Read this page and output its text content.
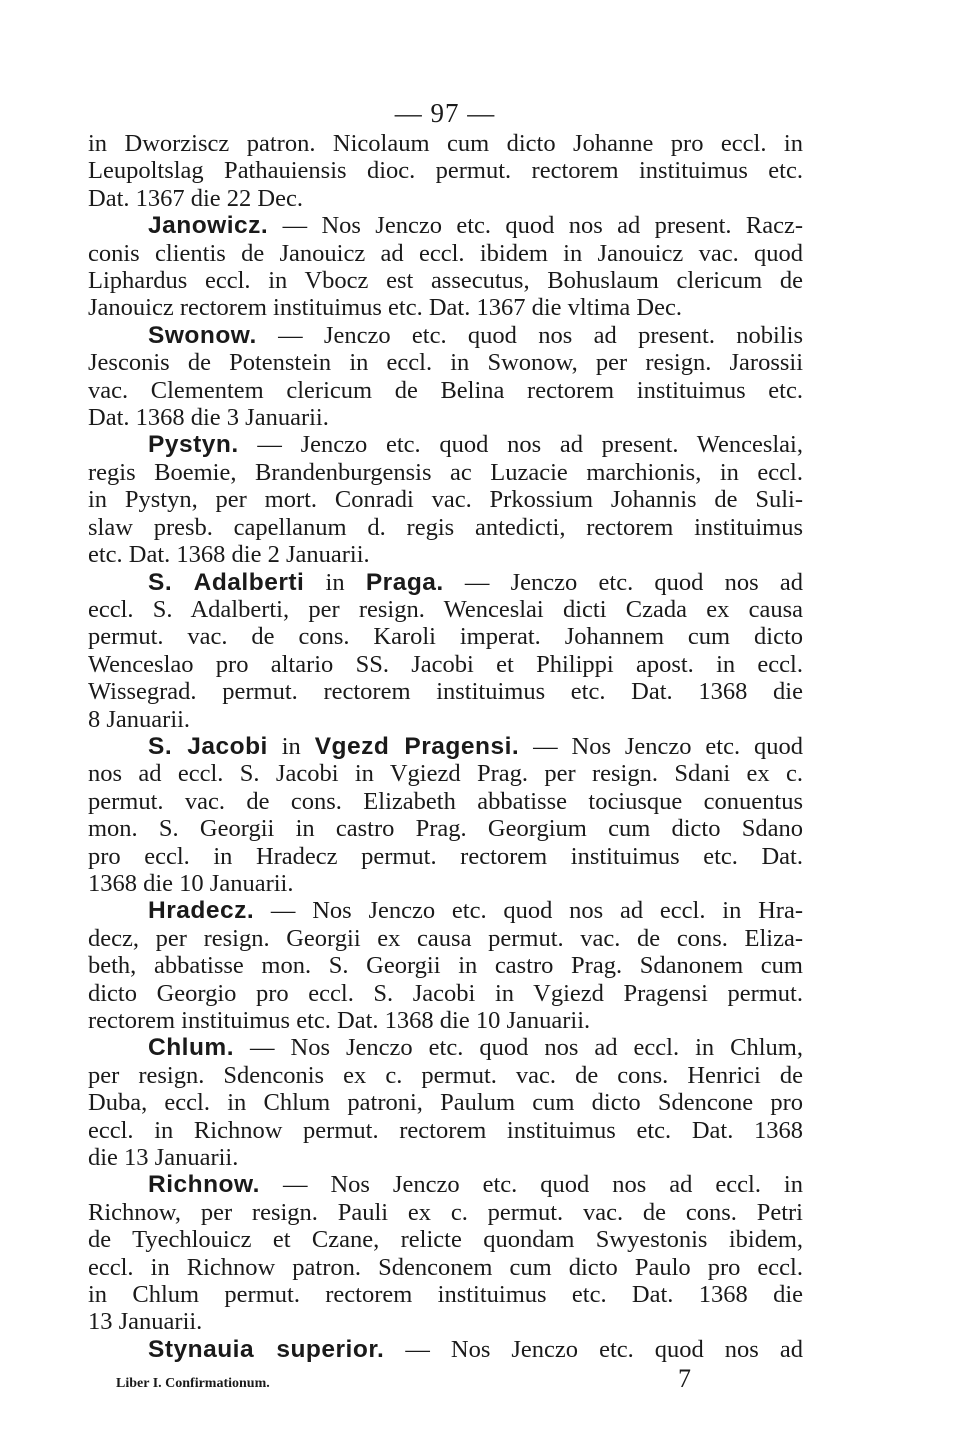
— 97 —
in Dworziscz patron. Nicolaum cum dicto Johanne pro eccl. in
Leupoltslag Pathauiensis dioc. permut. rectorem instituimus etc.
Dat. 1367 die 22 Dec.
Janowicz. — Nos Jenczo etc. quod nos ad present. Racz-
conis clientis de Janouicz ad eccl. ibidem in Janouicz vac. quod
Liphardus eccl. in Vbocz est assecutus, Bohuslaum clericum de
Janouicz rectorem instituimus etc. Dat. 1367 die vltima Dec.
Swonow. — Jenczo etc. quod nos ad present. nobilis
Jesconis de Potenstein in eccl. in Swonow, per resign. Jarossii
vac. Clementem clericum de Belina rectorem instituimus etc.
Dat. 1368 die 3 Januarii.
Pystyn. — Jenczo etc. quod nos ad present. Wenceslai,
regis Boemie, Brandenburgensis ac Luzacie marchionis, in eccl.
in Pystyn, per mort. Conradi vac. Prkossium Johannis de Suli-
slaw presb. capellanum d. regis antedicti, rectorem instituimus
etc. Dat. 1368 die 2 Januarii.
S. Adalberti in Praga. — Jenczo etc. quod nos ad
eccl. S. Adalberti, per resign. Wenceslai dicti Czada ex causa
permut. vac. de cons. Karoli imperat. Johannem cum dicto
Wenceslao pro altario SS. Jacobi et Philippi apost. in eccl.
Wissegrad. permut. rectorem instituimus etc. Dat. 1368 die
8 Januarii.
S. Jacobi in Vgezd Pragensi. — Nos Jenczo etc. quod
nos ad eccl. S. Jacobi in Vgiezd Prag. per resign. Sdani ex c.
permut. vac. de cons. Elizabeth abbatisse tociusque conuentus
mon. S. Georgii in castro Prag. Georgium cum dicto Sdano
pro eccl. in Hradecz permut. rectorem instituimus etc. Dat.
1368 die 10 Januarii.
Hradecz. — Nos Jenczo etc. quod nos ad eccl. in Hra-
decz, per resign. Georgii ex causa permut. vac. de cons. Eliza-
beth, abbatisse mon. S. Georgii in castro Prag. Sdanonem cum
dicto Georgio pro eccl. S. Jacobi in Vgiezd Pragensi permut.
rectorem instituimus etc. Dat. 1368 die 10 Januarii.
Chlum. — Nos Jenczo etc. quod nos ad eccl. in Chlum,
per resign. Sdenconis ex c. permut. vac. de cons. Henrici de
Duba, eccl. in Chlum patroni, Paulum cum dicto Sdencone pro
eccl. in Richnow permut. rectorem instituimus etc. Dat. 1368
die 13 Januarii.
Richnow. — Nos Jenczo etc. quod nos ad eccl. in
Richnow, per resign. Pauli ex c. permut. vac. de cons. Petri
de Tyechlouicz et Czane, relicte quondam Swyestonis ibidem,
eccl. in Richnow patron. Sdenconem cum dicto Paulo pro eccl.
in Chlum permut. rectorem instituimus etc. Dat. 1368 die
13 Januarii.
Stynauia superior. — Nos Jenczo etc. quod nos ad
Liber I. Confirmationum.	7
